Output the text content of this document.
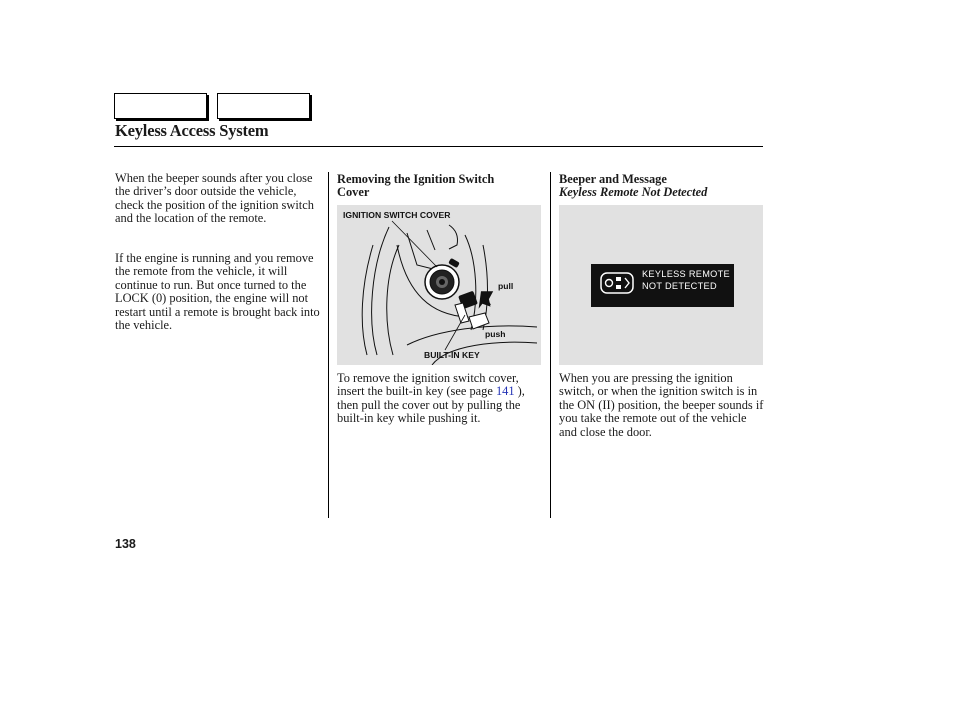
Keyless Access System
When the beeper sounds after you close the driver’s door outside the vehicle, check the position of the ignition switch and the location of the remote.
If the engine is running and you remove the remote from the vehicle, it will continue to run. But once turned to the LOCK (0) position, the engine will not restart until a remote is brought back into the vehicle.
Removing the Ignition Switch Cover
IGNITION SWITCH COVER
pull
push
BUILT-IN KEY
To remove the ignition switch cover, insert the built-in key (see page 141 ), then pull the cover out by pulling the built-in key while pushing it.
Beeper and Message
Keyless Remote Not Detected
KEYLESS REMOTE
NOT DETECTED
When you are pressing the ignition switch, or when the ignition switch is in the ON (II) position, the beeper sounds if you take the remote out of the vehicle and close the door.
138
